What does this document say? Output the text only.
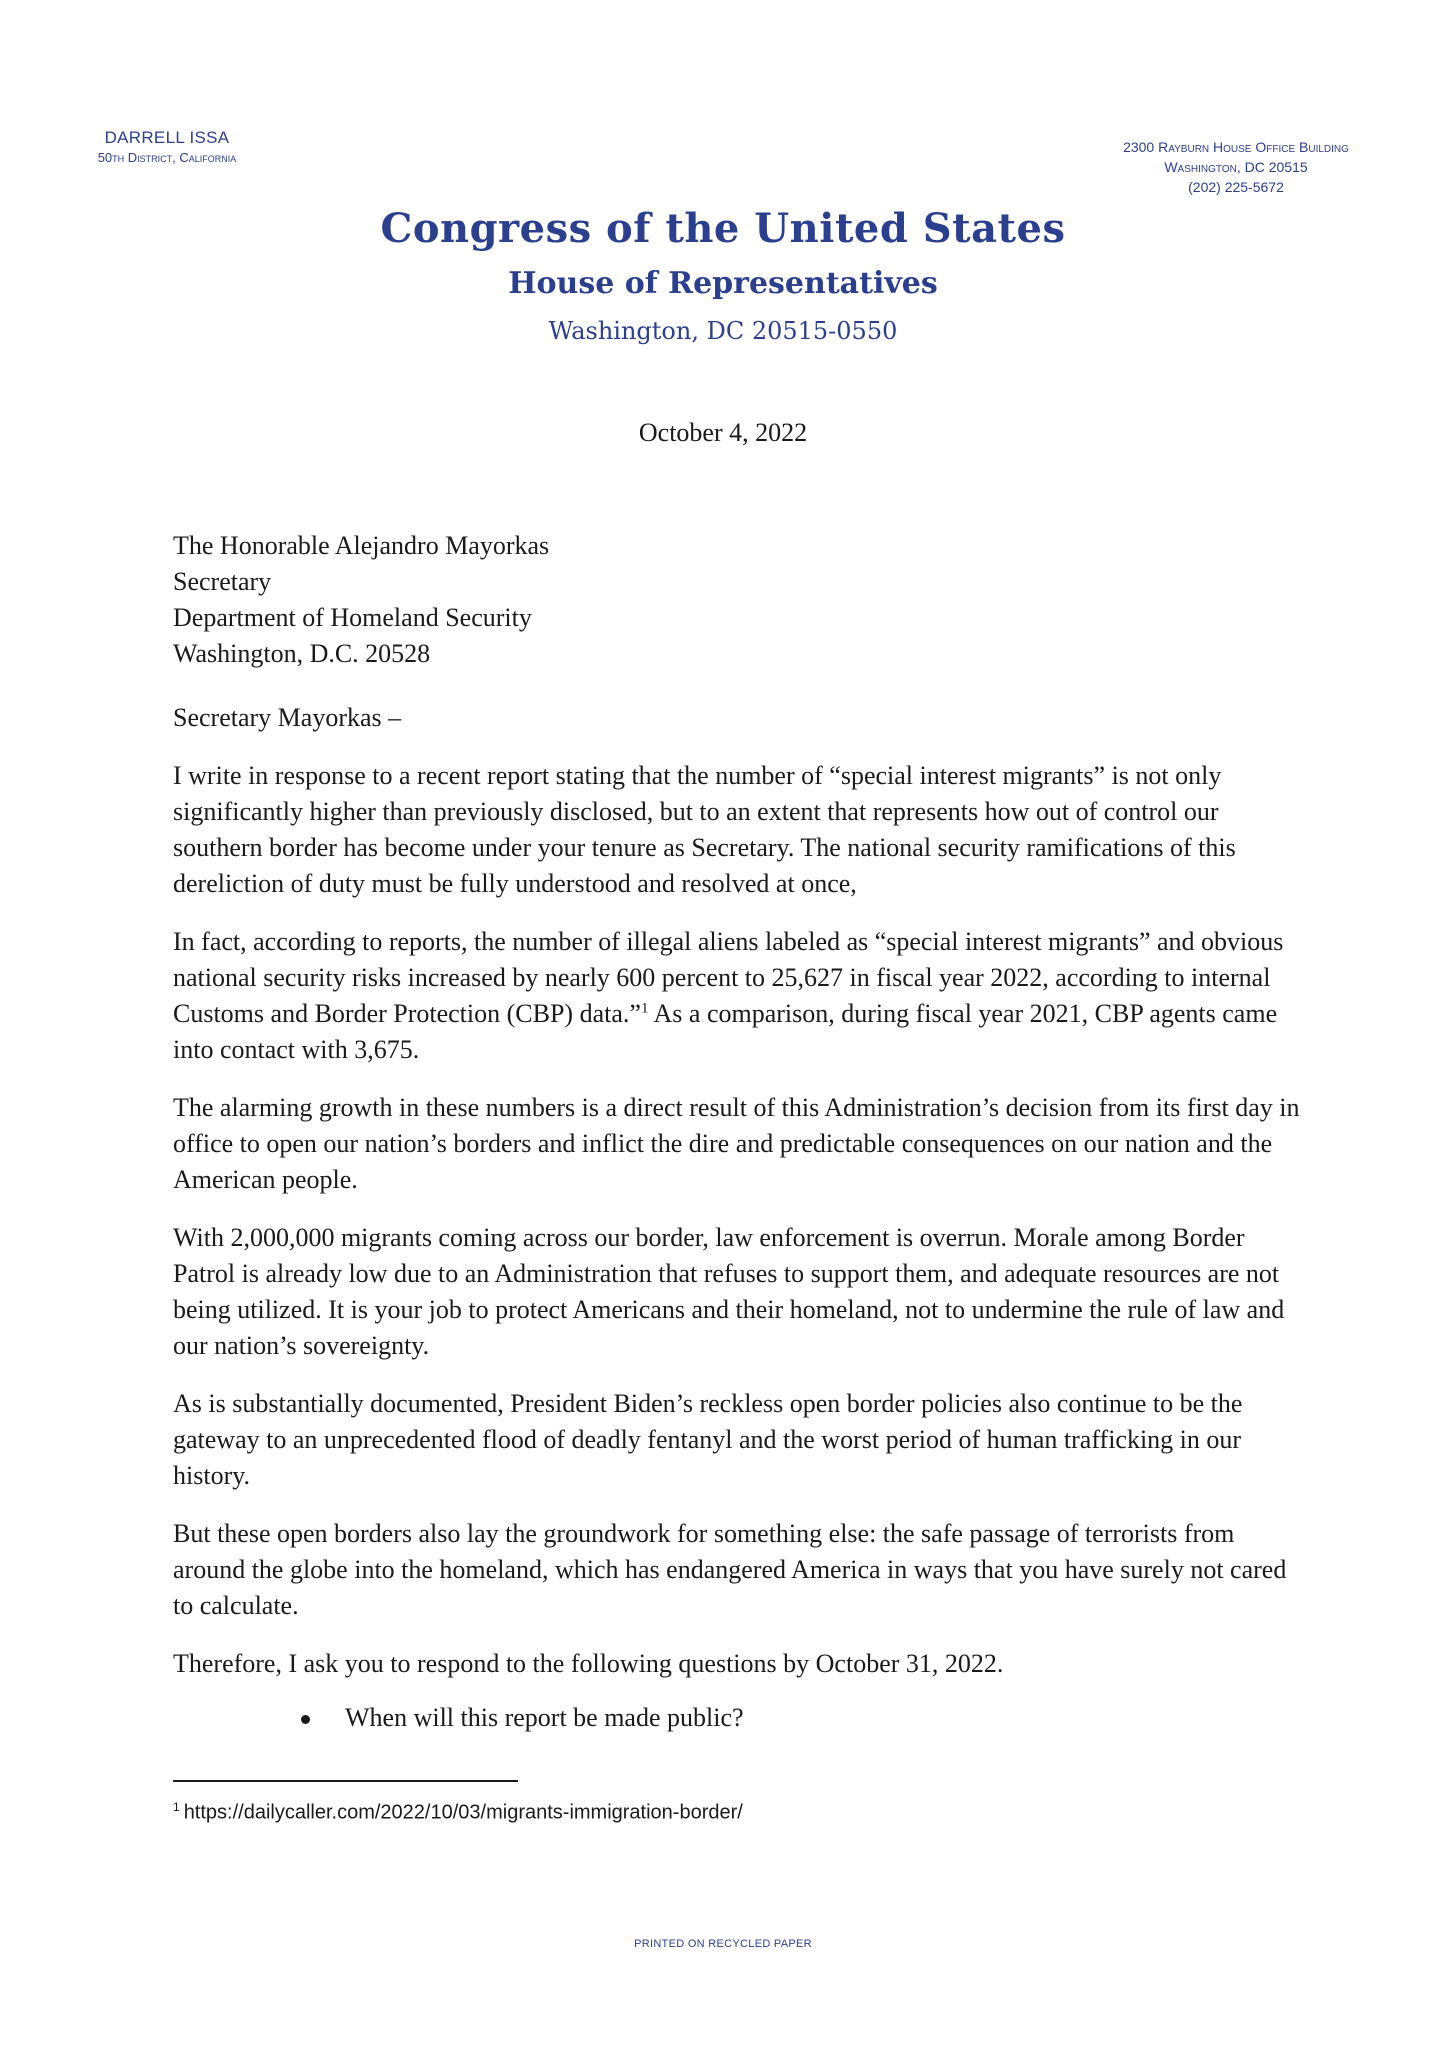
DARRELL ISSA
50th District, California
2300 Rayburn House Office Building
Washington, DC 20515
(202) 225-5672
Congress of the United States
House of Representatives
Washington, DC 20515-0550
October 4, 2022
The Honorable Alejandro Mayorkas
Secretary
Department of Homeland Security
Washington, D.C. 20528
Secretary Mayorkas –
I write in response to a recent report stating that the number of “special interest migrants” is not only significantly higher than previously disclosed, but to an extent that represents how out of control our southern border has become under your tenure as Secretary. The national security ramifications of this dereliction of duty must be fully understood and resolved at once,
In fact, according to reports, the number of illegal aliens labeled as “special interest migrants” and obvious national security risks increased by nearly 600 percent to 25,627 in fiscal year 2022, according to internal Customs and Border Protection (CBP) data.”$^1$ As a comparison, during fiscal year 2021, CBP agents came into contact with 3,675.
The alarming growth in these numbers is a direct result of this Administration’s decision from its first day in office to open our nation’s borders and inflict the dire and predictable consequences on our nation and the American people.
With 2,000,000 migrants coming across our border, law enforcement is overrun. Morale among Border Patrol is already low due to an Administration that refuses to support them, and adequate resources are not being utilized. It is your job to protect Americans and their homeland, not to undermine the rule of law and our nation’s sovereignty.
As is substantially documented, President Biden’s reckless open border policies also continue to be the gateway to an unprecedented flood of deadly fentanyl and the worst period of human trafficking in our history.
But these open borders also lay the groundwork for something else: the safe passage of terrorists from around the globe into the homeland, which has endangered America in ways that you have surely not cared to calculate.
Therefore, I ask you to respond to the following questions by October 31, 2022.
When will this report be made public?
$^1$ https://dailycaller.com/2022/10/03/migrants-immigration-border/
PRINTED ON RECYCLED PAPER
